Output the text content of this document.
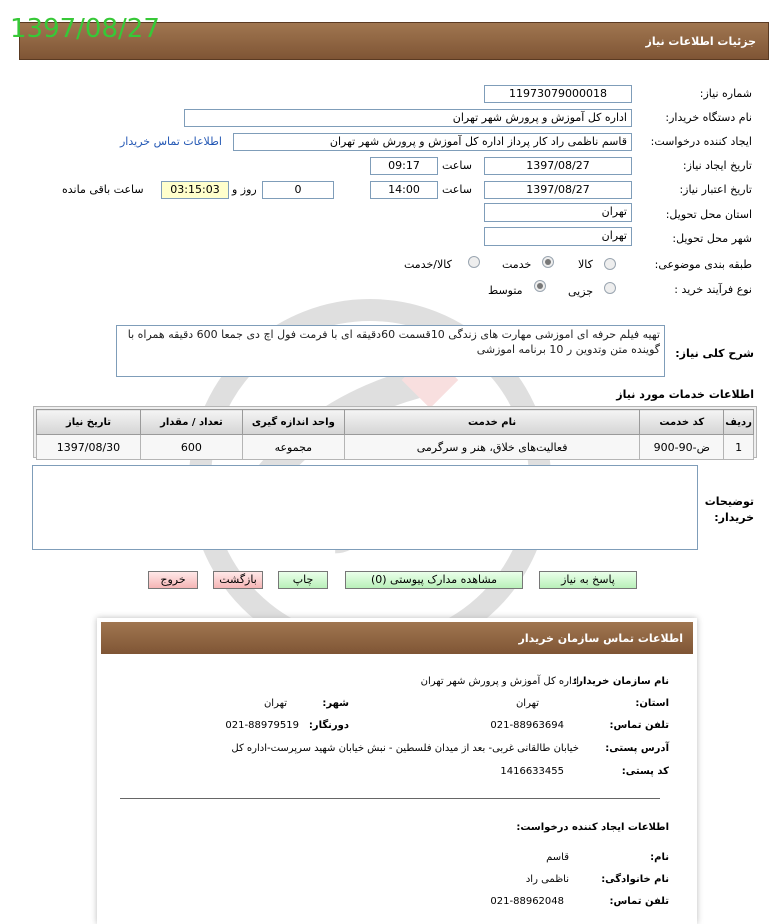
1397/08/27	جزئیات اطلاعات نیاز
شماره نیاز:
11973079000018
نام دستگاه خریدار:
اداره کل آموزش و پرورش شهر تهران
ایجاد کننده درخواست:
قاسم ناظمی راد کار پرداز اداره کل آموزش و پرورش شهر تهران
اطلاعات تماس خریدار
تاریخ ایجاد نیاز:
1397/08/27
ساعت
09:17
تاریخ اعتبار نیاز:
1397/08/27
ساعت
14:00
0
روز و
03:15:03
ساعت باقی مانده
استان محل تحویل:
تهران
شهر محل تحویل:
تهران
طبقه بندی موضوعی:
کالا
خدمت
کالا/خدمت
نوع فرآیند خرید :
جزیی
متوسط
شرح کلی نیاز:
تهیه فیلم حرفه ای اموزشی مهارت های زندگی 10قسمت 60دقیقه ای با فرمت فول اچ دی جمعا 600 دقیقه همراه با گوینده متن وتدوین ر 10 برنامه اموزشی
اطلاعات خدمات مورد نیاز
ردیف	کد خدمت	نام خدمت	واحد اندازه گیری	تعداد / مقدار	تاریخ نیاز
1	ض-90-900	فعالیت‌های خلاق، هنر و سرگرمی	مجموعه	600	1397/08/30
توضیحات خریدار:
پاسخ به نیاز
مشاهده مدارک پیوستی (0)
چاپ
بازگشت
خروج
اطلاعات تماس سازمان خریدار
نام سازمان خریدار:
اداره کل آموزش و پرورش شهر تهران
استان:
تهران
شهر:
تهران
تلفن تماس:
021-88963694
دورنگار:
021-88979519
آدرس پستی:
خیابان طالقانی غربی- بعد از میدان فلسطین - نبش خیابان شهید سرپرست-اداره کل
کد پستی:
1416633455
اطلاعات ایجاد کننده درخواست:
نام:
قاسم
نام خانوادگی:
ناظمی راد
تلفن تماس:
021-88962048
